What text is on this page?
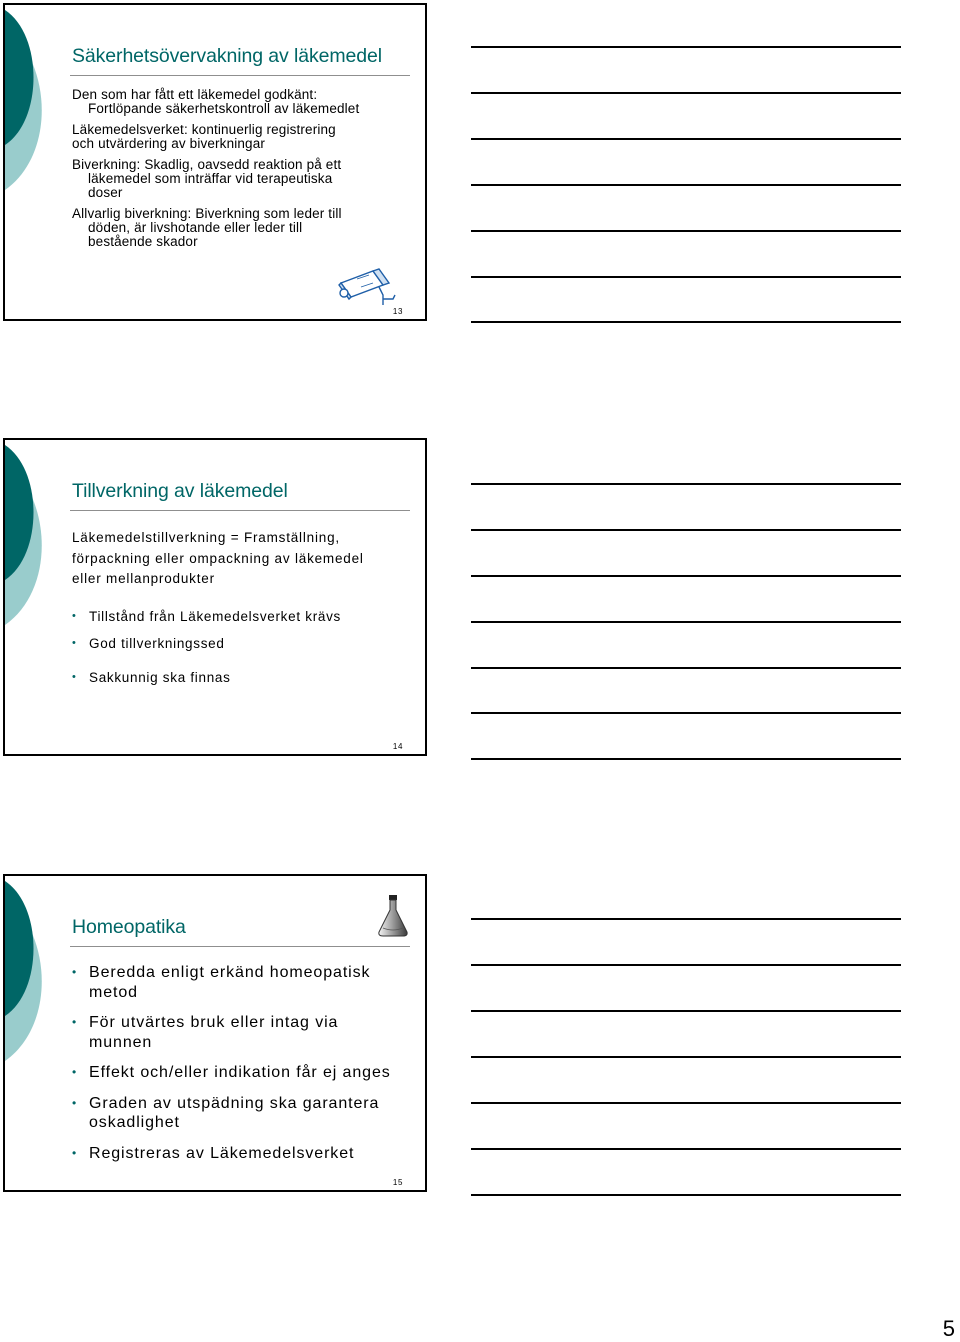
Säkerhetsövervakning av läkemedel
Den som har fått ett läkemedel godkänt:
Fortlöpande säkerhetskontroll av läkemedlet
Läkemedelsverket: kontinuerlig registrering
och utvärdering av biverkningar
Biverkning: Skadlig, oavsedd reaktion på ett
läkemedel som inträffar vid terapeutiska
doser
Allvarlig biverkning: Biverkning som leder till
döden, är livshotande eller leder till
bestående skador
13
Tillverkning av läkemedel
Läkemedelstillverkning = Framställning,
förpackning eller ompackning av läkemedel
eller mellanprodukter
• Tillstånd från Läkemedelsverket krävs
• God tillverkningssed
• Sakkunnig ska finnas
14
Homeopatika
• Beredda enligt erkänd homeopatisk
metod
• För utvärtes bruk eller intag via
munnen
• Effekt och/eller indikation får ej anges
• Graden av utspädning ska garantera
oskadlighet
• Registreras av Läkemedelsverket
15
5
